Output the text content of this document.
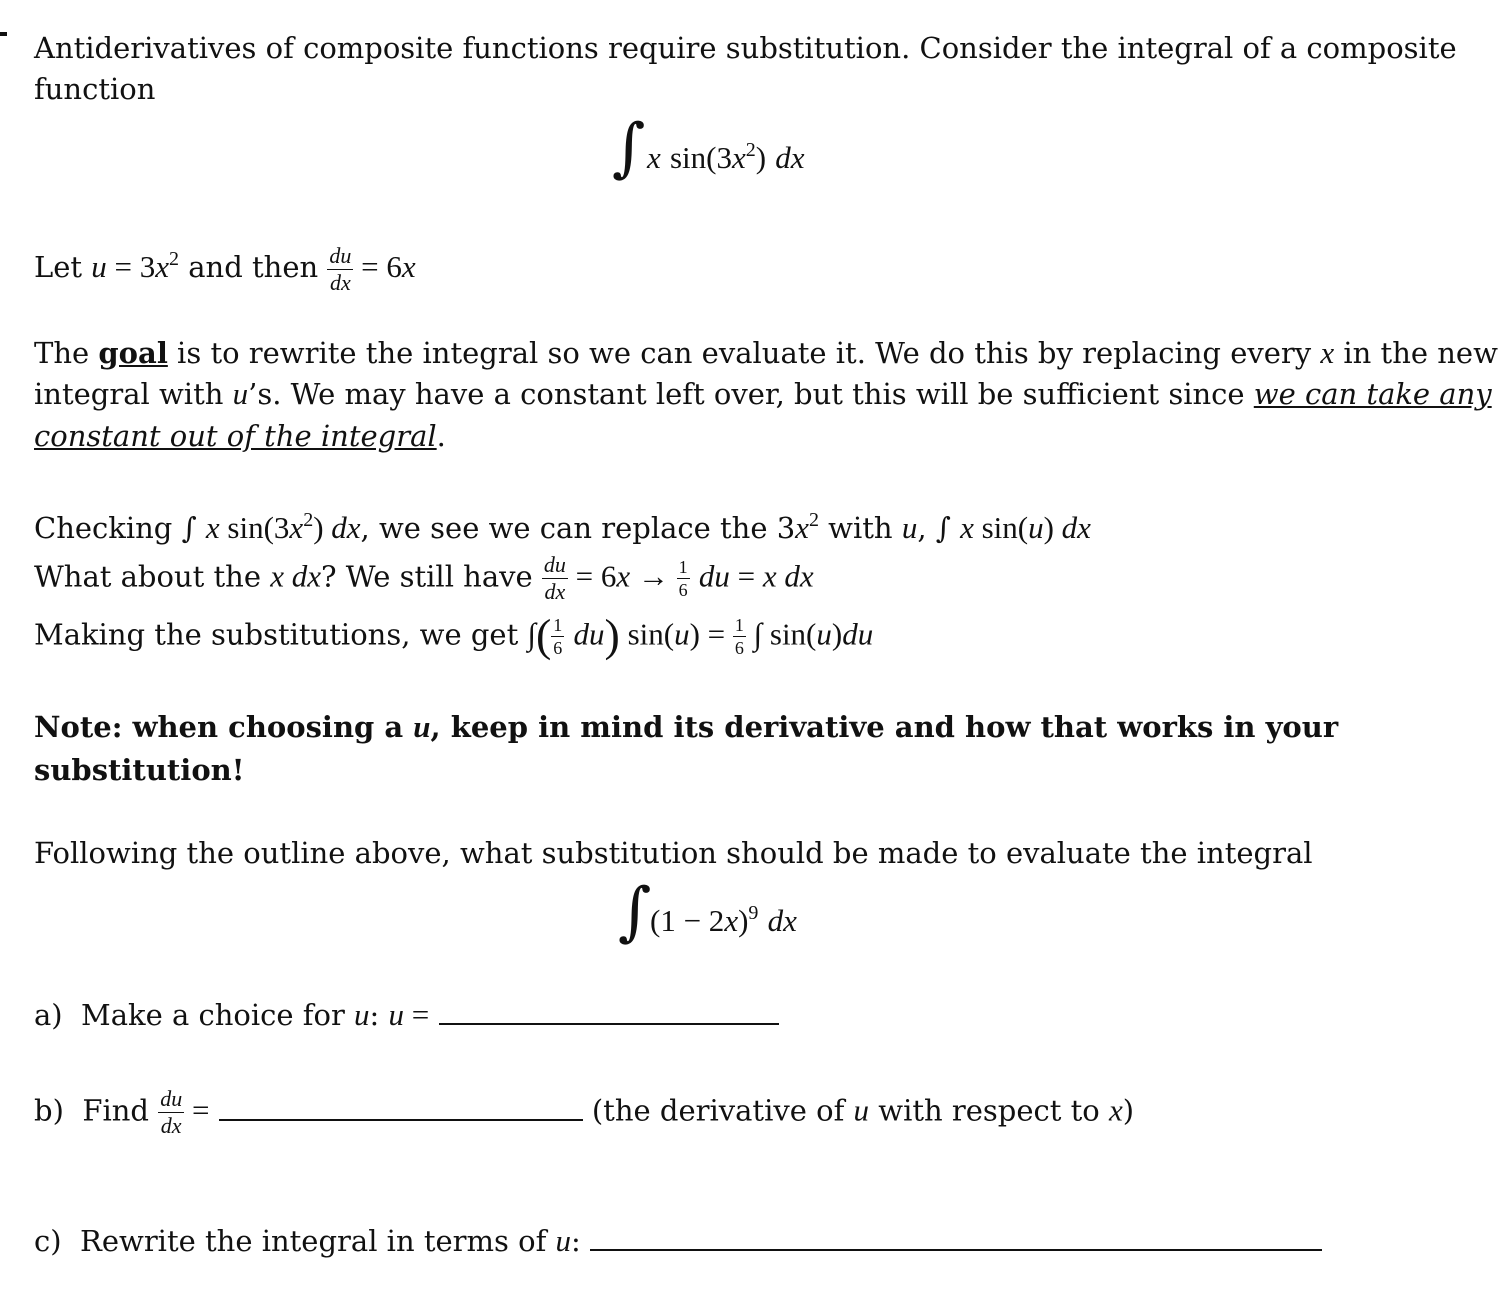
Antiderivatives of composite functions require substitution. Consider the integral of a composite
function
∫ x $\sin(3x^2)$ dx
Let $u = 3x^2$ and then $\frac{du}{dx} = 6x$
The goal is to rewrite the integral so we can evaluate it. We do this by replacing every x in the new
integral with u’s. We may have a constant left over, but this will be sufficient since we can take any
constant out of the integral.
Checking ∫ x $\sin(3x^2)$ dx, we see we can replace the $3x^2$ with u, ∫ x sin(u) dx
What about the x dx? We still have $\frac{du}{dx} = 6x \to \frac{1}{6}$ du = x dx
Making the substitutions, we get ∫( $\frac{1}{6} du$) $\sin(u) = \frac{1}{6}$ ∫ sin(u)du
Note: when choosing a u, keep in mind its derivative and how that works in your
substitution!
Following the outline above, what substitution should be made to evaluate the integral
∫
$(1 - 2x)^9$ dx
a) Make a choice for u: u =
b) Find $\frac{du}{dx}$ =	(the derivative of u with respect to x)
c) Rewrite the integral in terms of u:
